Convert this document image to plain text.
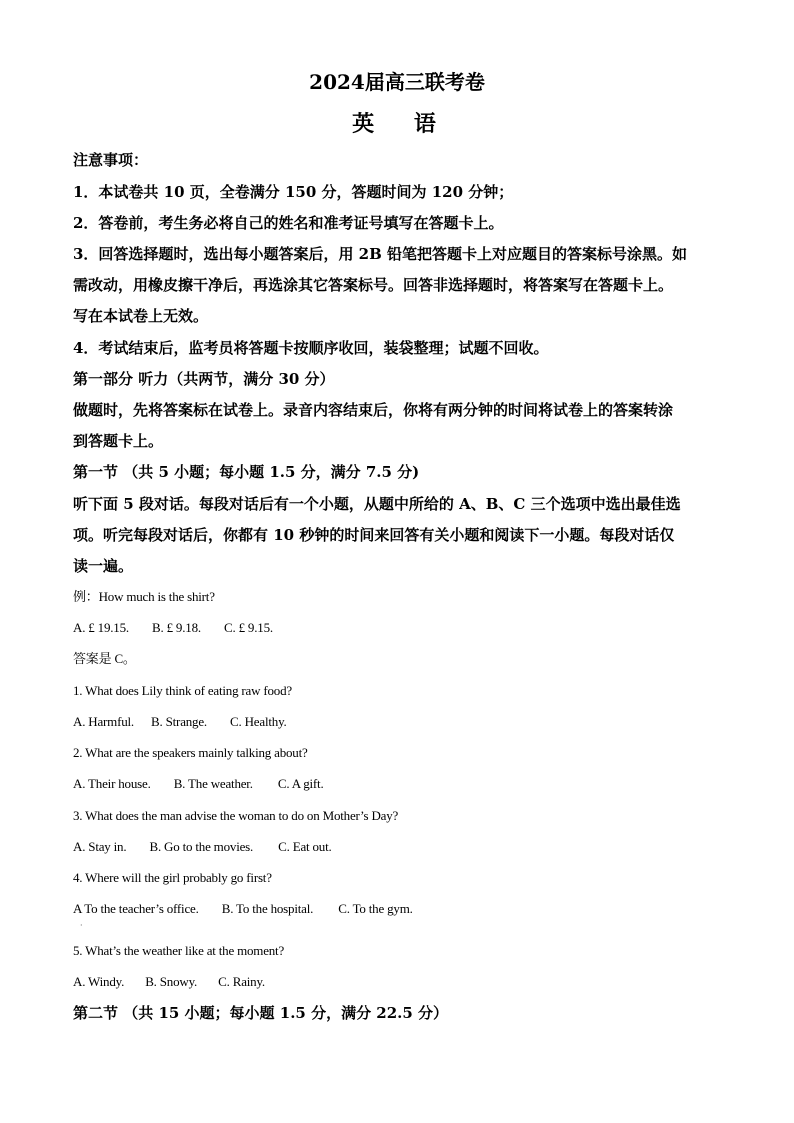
2024届高三联考卷
英 语
注意事项：
1．本试卷共 10 页，全卷满分 150 分，答题时间为 120 分钟；
2．答卷前，考生务必将自己的姓名和准考证号填写在答题卡上。
3．回答选择题时，选出每小题答案后，用 2B 铅笔把答题卡上对应题目的答案标号涂黑。如
需改动，用橡皮擦干净后，再选涂其它答案标号。回答非选择题时，将答案写在答题卡上。
写在本试卷上无效。
4．考试结束后，监考员将答题卡按顺序收回，装袋整理；试题不回收。
第一部分 听力（共两节，满分 30 分）
做题时，先将答案标在试卷上。录音内容结束后，你将有两分钟的时间将试卷上的答案转涂
到答题卡上。
第一节 （共 5 小题；每小题 1.5 分，满分 7.5 分)
听下面 5 段对话。每段对话后有一个小题，从题中所给的 A、B、C 三个选项中选出最佳选
项。听完每段对话后，你都有 10 秒钟的时间来回答有关小题和阅读下一小题。每段对话仅
读一遍。
例：How much is the shirt?
A. £ 19.15. B. £ 9.18. C. £ 9.15.
答案是 C。
1. What does Lily think of eating raw food?
A. Harmful. B. Strange. C. Healthy.
2. What are the speakers mainly talking about?
A. Their house. B. The weather. C. A gift.
3. What does the man advise the woman to do on Mother’s Day?
A. Stay in. B. Go to the movies. C. Eat out.
4. Where will the girl probably go first?
A To the teacher’s office. B. To the hospital. C. To the gym.
·
5. What’s the weather like at the moment?
A. Windy. B. Snowy. C. Rainy.
第二节 （共 15 小题；每小题 1.5 分，满分 22.5 分）
